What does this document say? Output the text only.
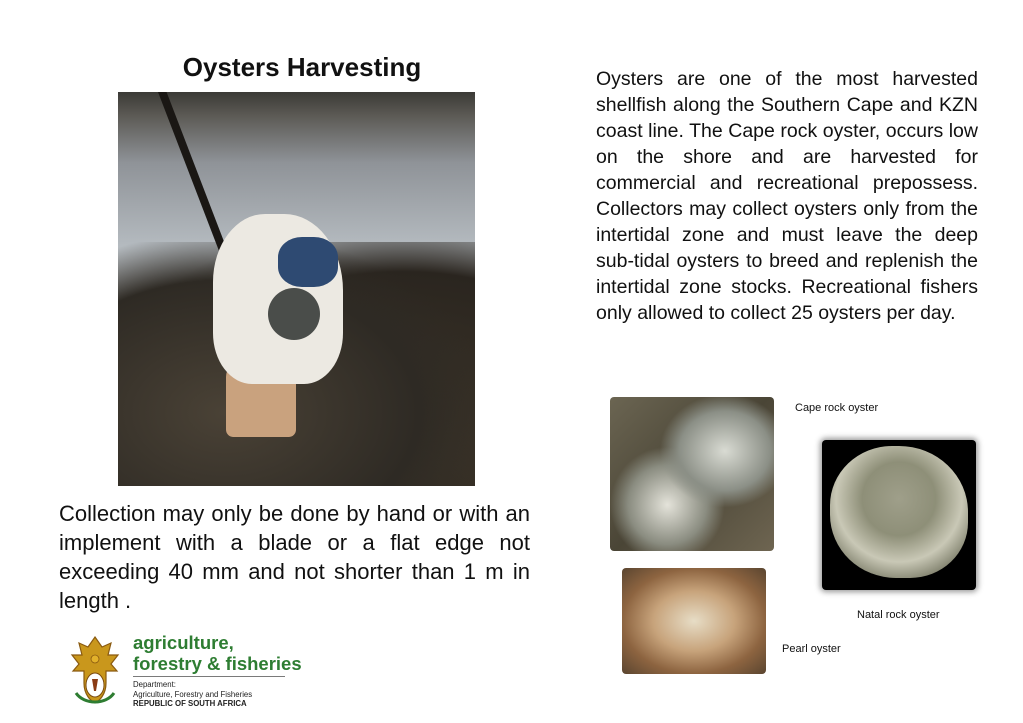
Oysters Harvesting	Oysters are one of the most harvested shellfish along the Southern Cape and KZN coast line. The Cape rock oyster, occurs low on the shore and are harvested for commercial and recreational prepossess. Collectors may collect oysters only from the intertidal zone and must leave the deep sub-tidal oysters to breed and replenish the intertidal zone stocks. Recreational fishers only allowed to collect 25 oysters per day.
Collection may only be done by hand or with an implement with a blade or a flat edge not exceeding 40 mm and not shorter than 1 m in length .
Cape rock oyster
Natal rock oyster
Pearl oyster
agriculture,
forestry & fisheries
Department:
Agriculture, Forestry and Fisheries
REPUBLIC OF SOUTH AFRICA
